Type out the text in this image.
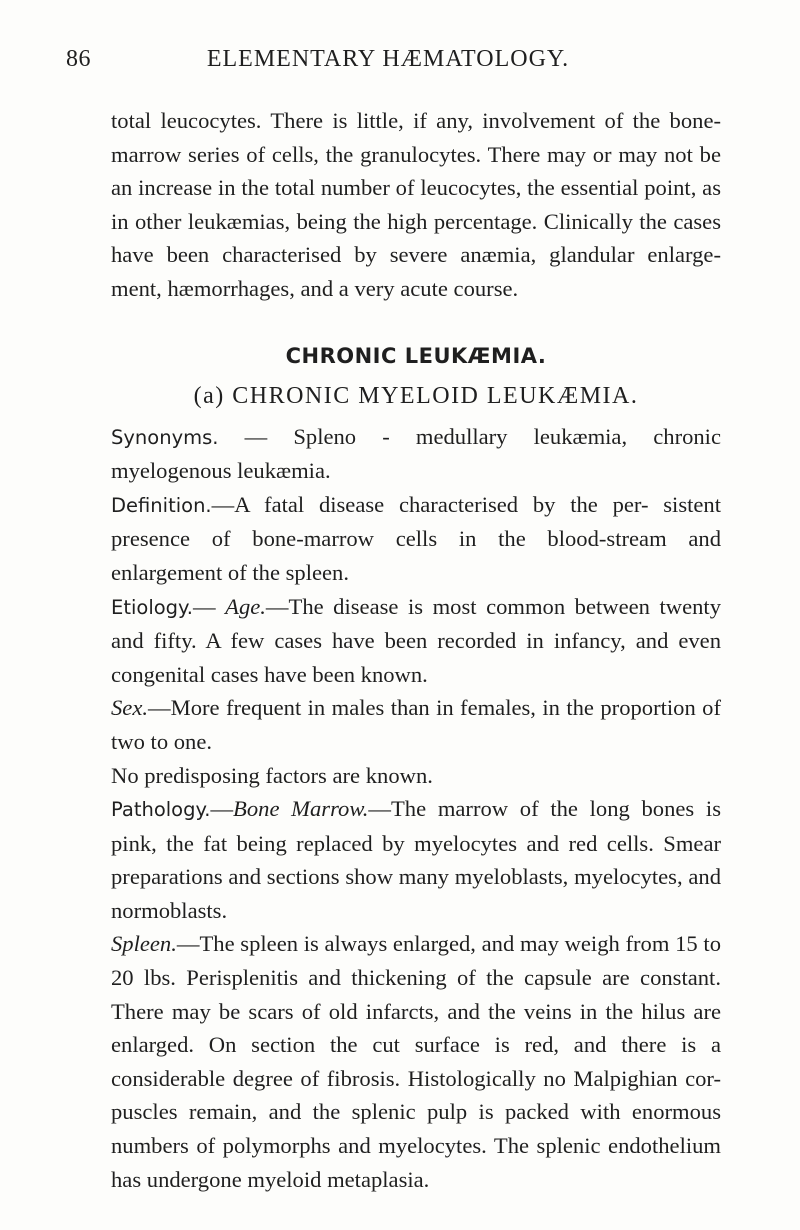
86	ELEMENTARY HÆMATOLOGY.

total leucocytes. There is little, if any, involvement of the bone-marrow series of cells, the granulocytes. There may or may not be an increase in the total number of leucocytes, the essential point, as in other leukæmias, being the high percentage. Clinically the cases have been characterised by severe anæmia, glandular enlarge- ment, hæmorrhages, and a very acute course.

CHRONIC LEUKÆMIA.
(a) CHRONIC MYELOID LEUKÆMIA.

Synonyms. — Spleno - medullary leukæmia, chronic myelogenous leukæmia.

Definition.—A fatal disease characterised by the per- sistent presence of bone-marrow cells in the blood-stream and enlargement of the spleen.

Etiology.— Age.—The disease is most common between twenty and fifty. A few cases have been recorded in infancy, and even congenital cases have been known.

Sex.—More frequent in males than in females, in the proportion of two to one.

No predisposing factors are known.

Pathology.—Bone Marrow.—The marrow of the long bones is pink, the fat being replaced by myelocytes and red cells. Smear preparations and sections show many myeloblasts, myelocytes, and normoblasts.

Spleen.—The spleen is always enlarged, and may weigh from 15 to 20 lbs. Perisplenitis and thickening of the capsule are constant. There may be scars of old infarcts, and the veins in the hilus are enlarged. On section the cut surface is red, and there is a considerable degree of fibrosis. Histologically no Malpighian cor- puscles remain, and the splenic pulp is packed with enormous numbers of polymorphs and myelocytes. The splenic endothelium has undergone myeloid metaplasia.
